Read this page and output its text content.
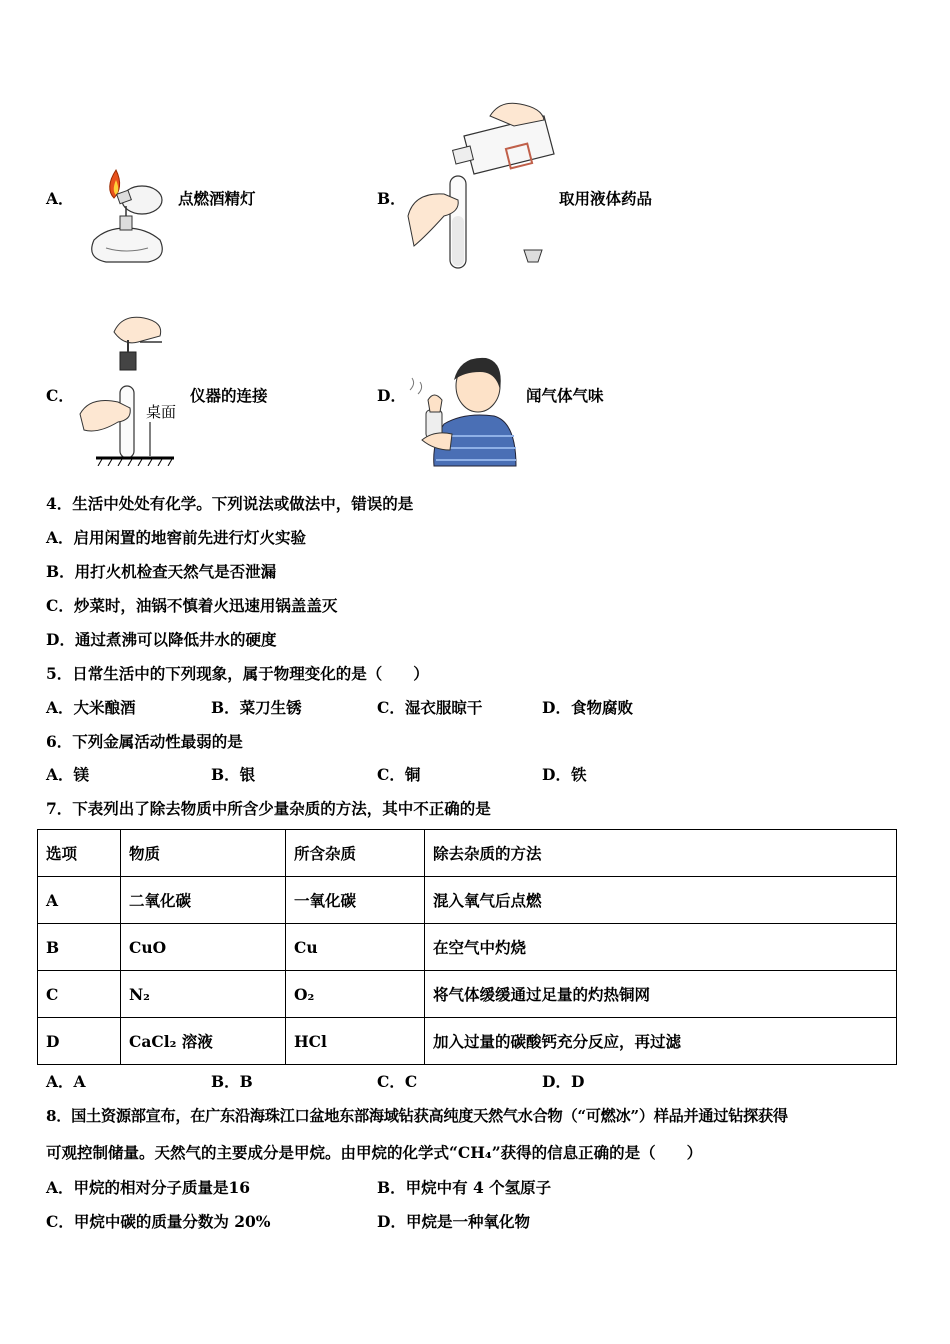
A．	点燃酒精灯	B．	取用液体药品
C．
桌面
仪器的连接	D．	闻气体气味
4．生活中处处有化学。下列说法或做法中，错误的是
A．启用闲置的地窖前先进行灯火实验
B．用打火机检查天然气是否泄漏
C．炒菜时，油锅不慎着火迅速用锅盖盖灭
D．通过煮沸可以降低井水的硬度
5．日常生活中的下列现象，属于物理变化的是（　　）
A．大米酿酒	B．菜刀生锈	C．湿衣服晾干	D．食物腐败
6．下列金属活动性最弱的是
A．镁	B．银	C．铜	D．铁
7．下表列出了除去物质中所含少量杂质的方法，其中不正确的是
选项	物质	所含杂质	除去杂质的方法
A	二氧化碳	一氧化碳	混入氧气后点燃
B	CuO	Cu	在空气中灼烧
C	N₂	O₂	将气体缓缓通过足量的灼热铜网
D	CaCl₂ 溶液	HCl	加入过量的碳酸钙充分反应，再过滤
A．A	B．B	C．C	D．D
8．国土资源部宣布，在广东沿海珠江口盆地东部海域钻获高纯度天然气水合物（“可燃冰”）样品并通过钻探获得
可观控制储量。天然气的主要成分是甲烷。由甲烷的化学式“CH₄”获得的信息正确的是（　　）
A．甲烷的相对分子质量是16	B．甲烷中有 4 个氢原子
C．甲烷中碳的质量分数为 20%	D．甲烷是一种氧化物
